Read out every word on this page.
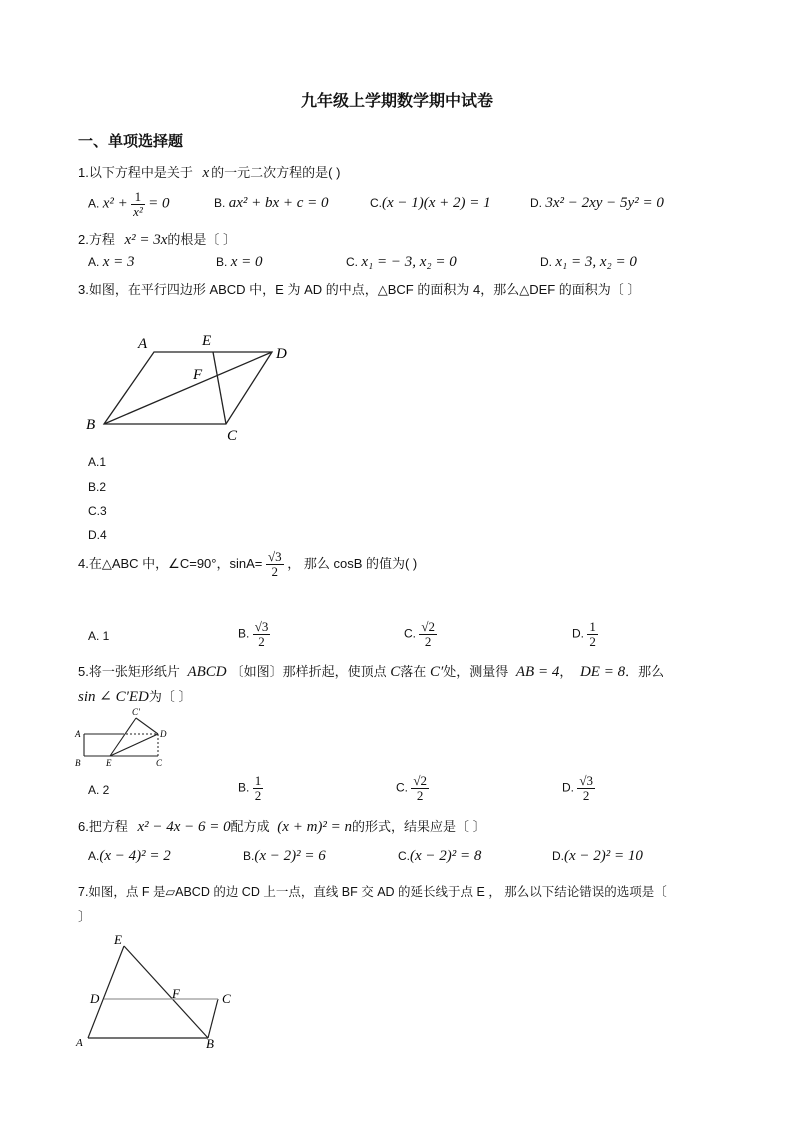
九年级上学期数学期中试卷
一、单项选择题
1.以下方程中是关于 x 的一元二次方程的是( )
A. $x^2 + \frac{1}{\text{x²}} = 0$	B. ax² + bx + c = 0	C.(x − 1)(x + 2) = 1	D. 3x² − 2xy − 5y² = 0
2.方程 x² = 3x的根是〔 〕
A. x = 3	B. x = 0	C. x₁ = − 3, x₂ = 0	D. x₁ = 3, x₂ = 0
3.如图，在平行四边形 ABCD 中，E 为 AD 的中点，△BCF 的面积为 4，那么△DEF 的面积为〔 〕
A	E
D
F
B
C
A.1
B.2
C.3
D.4
4.在△ABC 中，∠C=90°，$\sin A= \frac{√3}{2}$ ， 那么 cosB 的值为( )
A. 1	B. $\frac{√3}{2}$	C. $\frac{√2}{2}$	D. $\frac{1}{2}$
5.将一张矩形纸片 ABCD 〔如图〕那样折起，使顶点 C落在 C′处，测量得 AB = 4， DE = 8．那么
sin ∠ C′ED为〔 〕
A
B	E	C
D
C′
A. 2	B. $\frac{1}{2}$	C. $\frac{√2}{2}$	D. $\frac{√3}{2}$
6.把方程 x² − 4x − 6 = 0配方成 (x + m)² = n的形式，结果应是〔 〕
A.(x − 4)² = 2	B.(x − 2)² = 6	C.(x − 2)² = 8	D.(x − 2)² = 10
7.如图，点 F 是▱ABCD 的边 CD 上一点，直线 BF 交 AD 的延长线于点 E ， 那么以下结论错误的选项是〔
〕
E
D	F	C
A	B
